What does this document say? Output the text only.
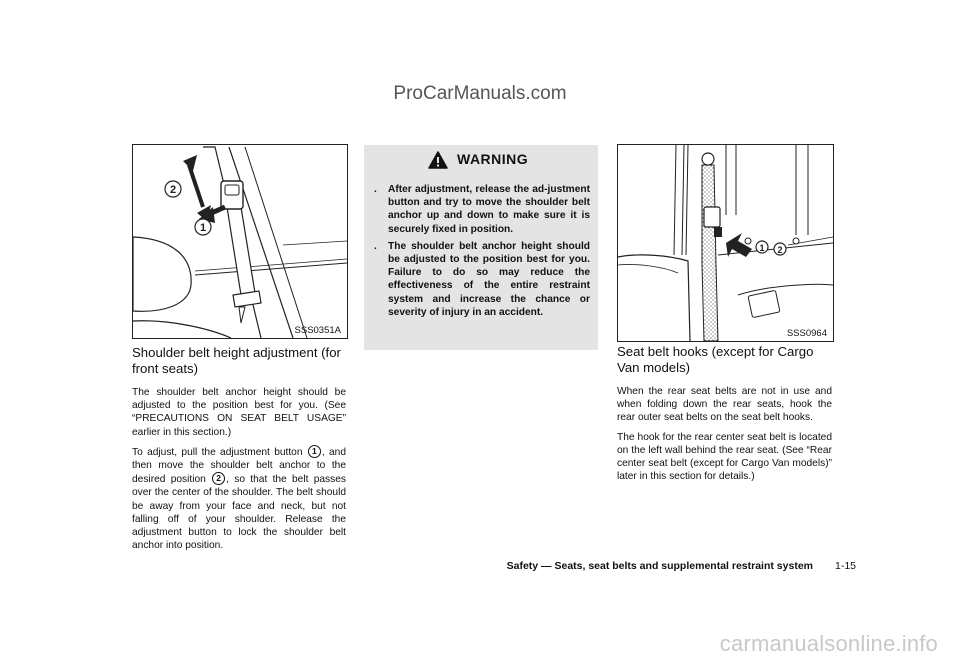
ProCarManuals.com
2
1
SSS0351A
Shoulder belt height adjustment (for front seats)

The shoulder belt anchor height should be adjusted to the position best for you. (See “PRECAUTIONS ON SEAT BELT USAGE” earlier in this section.)

To adjust, pull the adjustment button 1 , and then move the shoulder belt anchor to the desired position 2 , so that the belt passes over the center of the shoulder. The belt should be away from your face and neck, but not falling off of your shoulder. Release the adjustment button to lock the shoulder belt anchor into position.

WARNING
. After adjustment, release the ad-justment button and try to move the shoulder belt anchor up and down to make sure it is securely fixed in position.
. The shoulder belt anchor height should be adjusted to the position best for you. Failure to do so may reduce the effectiveness of the entire restraint system and increase the chance or severity of injury in an accident.
1 2
SSS0964
Seat belt hooks (except for Cargo Van models)

When the rear seat belts are not in use and when folding down the rear seats, hook the rear outer seat belts on the seat belt hooks.

The hook for the rear center seat belt is located on the left wall behind the rear seat. (See “Rear center seat belt (except for Cargo Van models)” later in this section for details.)

Safety — Seats, seat belts and supplemental restraint system 1-15
carmanualsonline.info
